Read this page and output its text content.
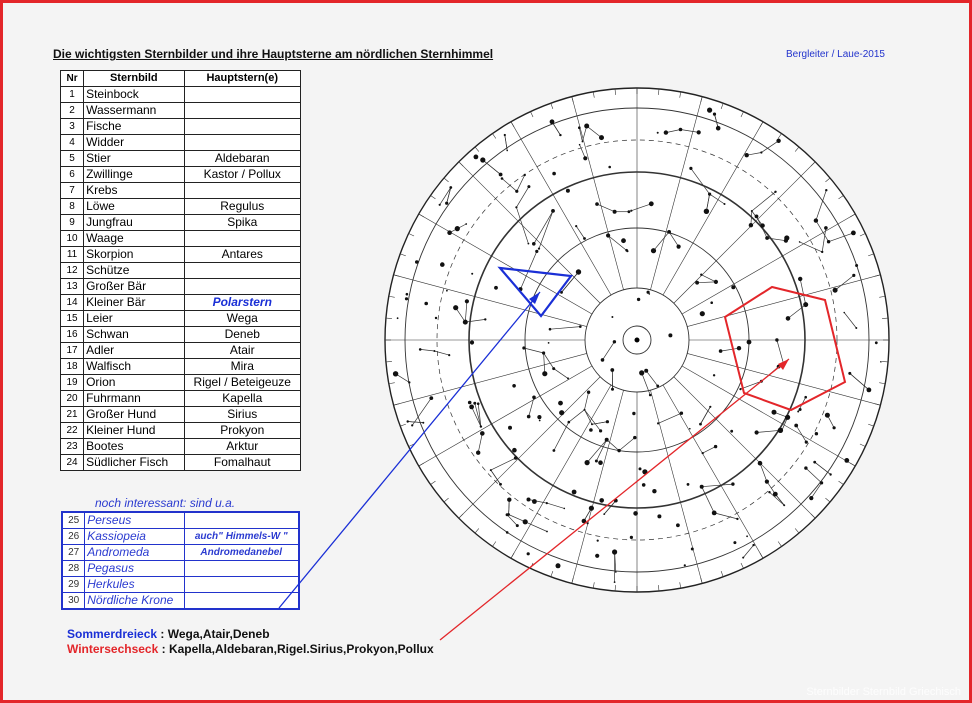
Die wichtigsten Sternbilder und ihre Hauptsterne am nördlichen Sternhimmel	Bergleiter / Laue-2015
Nr	Sternbild	Hauptstern(e)
1	Steinbock	
2	Wassermann	
3	Fische	
4	Widder	
5	Stier	Aldebaran
6	Zwillinge	Kastor / Pollux
7	Krebs	
8	Löwe	Regulus
9	Jungfrau	Spika
10	Waage	
11	Skorpion	Antares
12	Schütze	
13	Großer Bär	
14	Kleiner Bär	Polarstern
15	Leier	Wega
16	Schwan	Deneb
17	Adler	Atair
18	Walfisch	Mira
19	Orion	Rigel / Beteigeuze
20	Fuhrmann	Kapella
21	Großer Hund	Sirius
22	Kleiner Hund	Prokyon
23	Bootes	Arktur
24	Südlicher Fisch	Fomalhaut
noch interessant: sind u.a.
25	Perseus	
26	Kassiopeia	auch" Himmels-W "
27	Andromeda	Andromedanebel
28	Pegasus	
29	Herkules	
30	Nördliche Krone	
Sommerdreieck : Wega,Atair,Deneb
Wintersechseck : Kapella,Aldebaran,Rigel.Sirius,Prokyon,Pollux
Sternbilder Sternbild Griechisch
